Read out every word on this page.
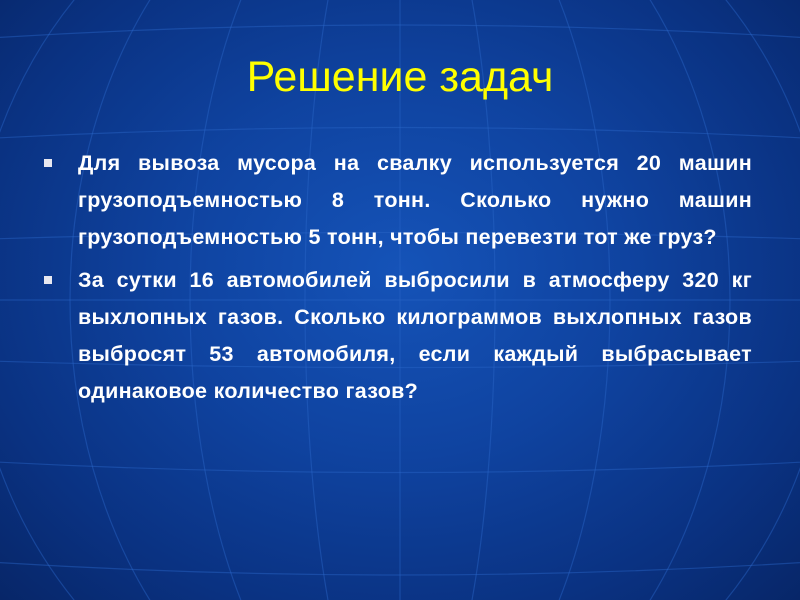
Решение задач
Для вывоза мусора на свалку используется 20 машин грузоподъемностью 8 тонн. Сколько нужно машин грузоподъемностью 5 тонн, чтобы перевезти тот же груз?
За сутки 16 автомобилей выбросили в атмосферу 320 кг выхлопных газов. Сколько килограммов выхлопных газов выбросят 53 автомобиля, если каждый выбрасывает одинаковое количество газов?
